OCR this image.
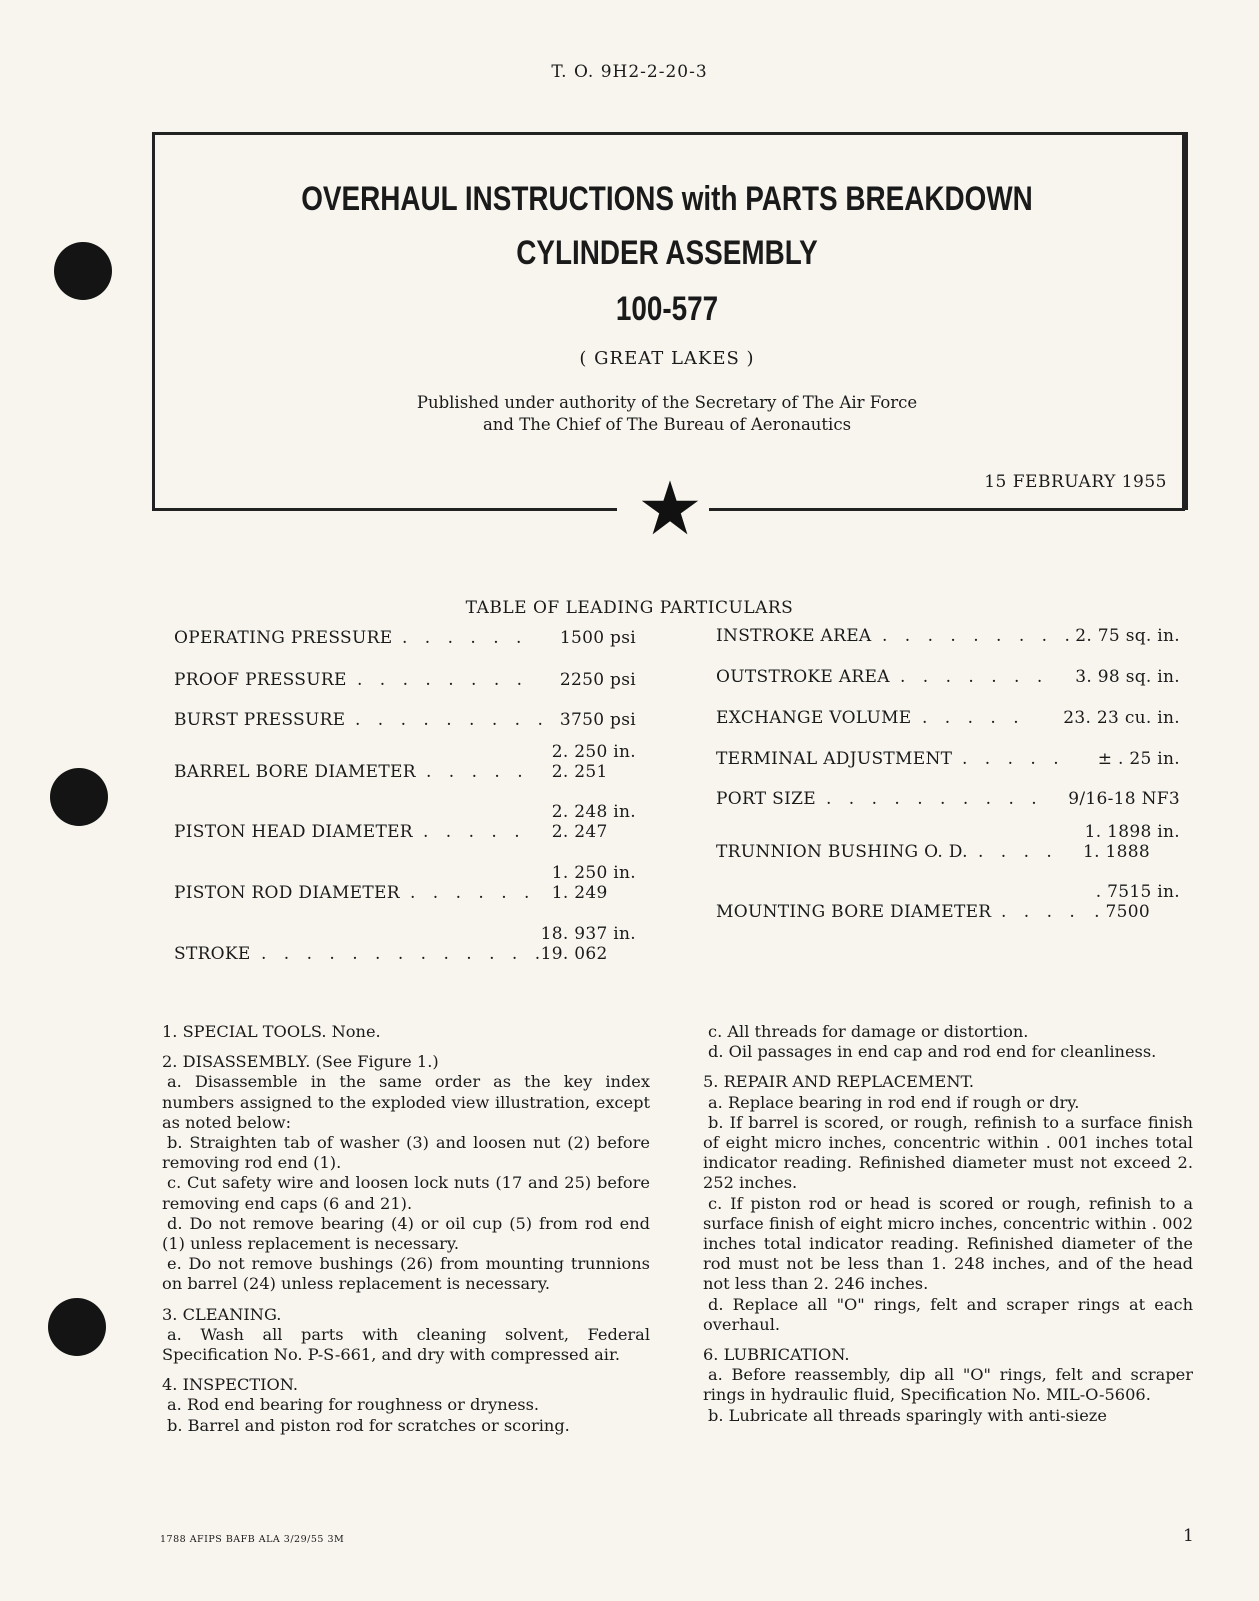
T. O. 9H2-2-20-3
OVERHAUL INSTRUCTIONS with PARTS BREAKDOWN
CYLINDER ASSEMBLY
100-577
( GREAT LAKES )
Published under authority of the Secretary of The Air Force
and The Chief of The Bureau of Aeronautics
15 FEBRUARY 1955
TABLE OF LEADING PARTICULARS
OPERATING PRESSURE . . . . . . 1500 psi
PROOF PRESSURE . . . . . . . . 2250 psi
BURST PRESSURE . . . . . . . . . 3750 psi
BARREL BORE DIAMETER . . . . .
2. 250 in.
2. 251
PISTON HEAD DIAMETER . . . . .
2. 248 in.
2. 247
PISTON ROD DIAMETER . . . . . .
1. 250 in.
1. 249
STROKE . . . . . . . . . . . . .
18. 937 in.
19. 062
INSTROKE AREA . . . . . . . . . 2. 75 sq. in.
OUTSTROKE AREA . . . . . . . 3. 98 sq. in.
EXCHANGE VOLUME . . . . . 23. 23 cu. in.
TERMINAL ADJUSTMENT . . . . . ± . 25 in.
PORT SIZE . . . . . . . . . . 9/16-18 NF3
TRUNNION BUSHING O. D. . . . .
1. 1898 in.
1. 1888
MOUNTING BORE DIAMETER . . . .
. 7515 in.
. 7500

1. SPECIAL TOOLS. None.

2. DISASSEMBLY. (See Figure 1.)

a. Disassemble in the same order as the key index numbers assigned to the exploded view illustration, except as noted below:

b. Straighten tab of washer (3) and loosen nut (2) before removing rod end (1).

c. Cut safety wire and loosen lock nuts (17 and 25) before removing end caps (6 and 21).

d. Do not remove bearing (4) or oil cup (5) from rod end (1) unless replacement is necessary.

e. Do not remove bushings (26) from mounting trunnions on barrel (24) unless replacement is necessary.

3. CLEANING.

a. Wash all parts with cleaning solvent, Federal Specification No. P-S-661, and dry with compressed air.

4. INSPECTION.

a. Rod end bearing for roughness or dryness.

b. Barrel and piston rod for scratches or scoring.

c. All threads for damage or distortion.

d. Oil passages in end cap and rod end for cleanliness.

5. REPAIR AND REPLACEMENT.

a. Replace bearing in rod end if rough or dry.

b. If barrel is scored, or rough, refinish to a surface finish of eight micro inches, concentric within . 001 inches total indicator reading. Refinished diameter must not exceed 2. 252 inches.

c. If piston rod or head is scored or rough, refinish to a surface finish of eight micro inches, concentric within . 002 inches total indicator reading. Refinished diameter of the rod must not be less than 1. 248 inches, and of the head not less than 2. 246 inches.

d. Replace all "O" rings, felt and scraper rings at each overhaul.

6. LUBRICATION.

a. Before reassembly, dip all "O" rings, felt and scraper rings in hydraulic fluid, Specification No. MIL-O-5606.

b. Lubricate all threads sparingly with anti-sieze

1788 AFIPS BAFB ALA 3/29/55 3M	1
